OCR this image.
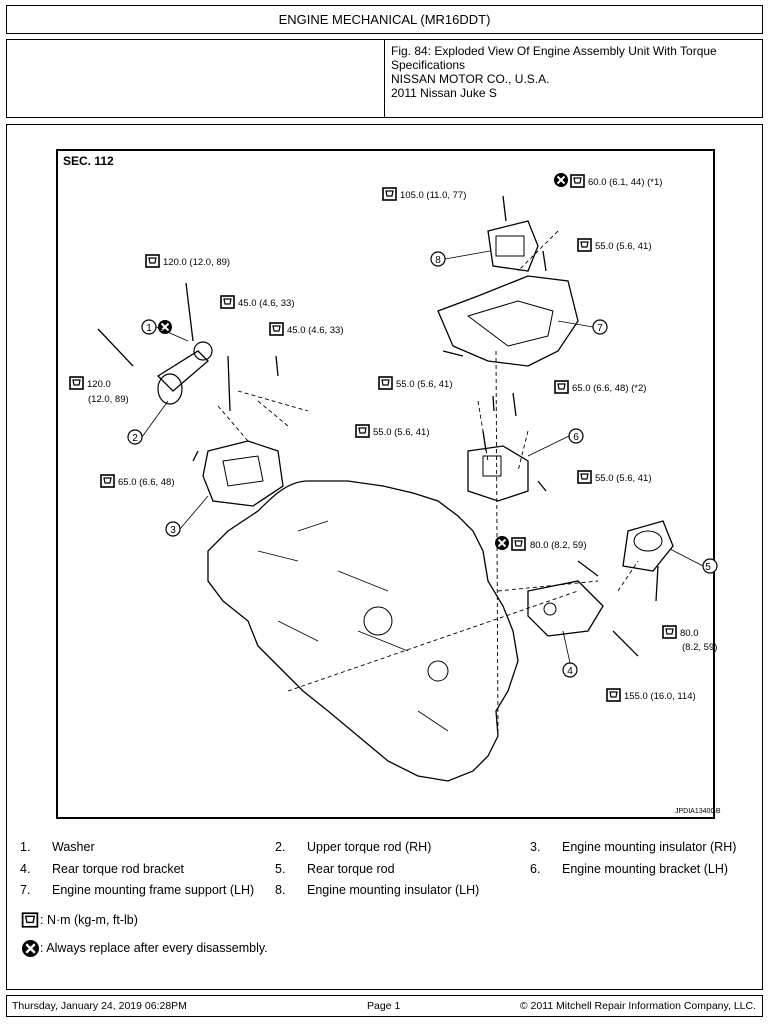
ENGINE MECHANICAL (MR16DDT)
Fig. 84: Exploded View Of Engine Assembly Unit With Torque Specifications
NISSAN MOTOR CO., U.S.A.
2011 Nissan Juke S
SEC. 112
105.0 (11.0, 77)
60.0 (6.1, 44) (*1)
120.0 (12.0, 89)
55.0 (5.6, 41)
45.0 (4.6, 33)
45.0 (4.6, 33)
120.0
(12.0, 89)
55.0 (5.6, 41)	65.0 (6.6, 48) (*2)
55.0 (5.6, 41)
65.0 (6.6, 48)	55.0 (5.6, 41)
80.0 (8.2, 59)
80.0
(8.2, 59)
155.0 (16.0, 114)
1
2
3
4
5
6
7
8
JPDIA1340GB
1.	Washer	2.	Upper torque rod (RH)	3.	Engine mounting insulator (RH)
4.	Rear torque rod bracket	5.	Rear torque rod	6.	Engine mounting bracket (LH)
7.	Engine mounting frame support (LH) 8.	Engine mounting insulator (LH)
: N·m (kg-m, ft-lb)
: Always replace after every disassembly.
Thursday, January 24, 2019 06:28PM	Page 1	© 2011 Mitchell Repair Information Company, LLC.
